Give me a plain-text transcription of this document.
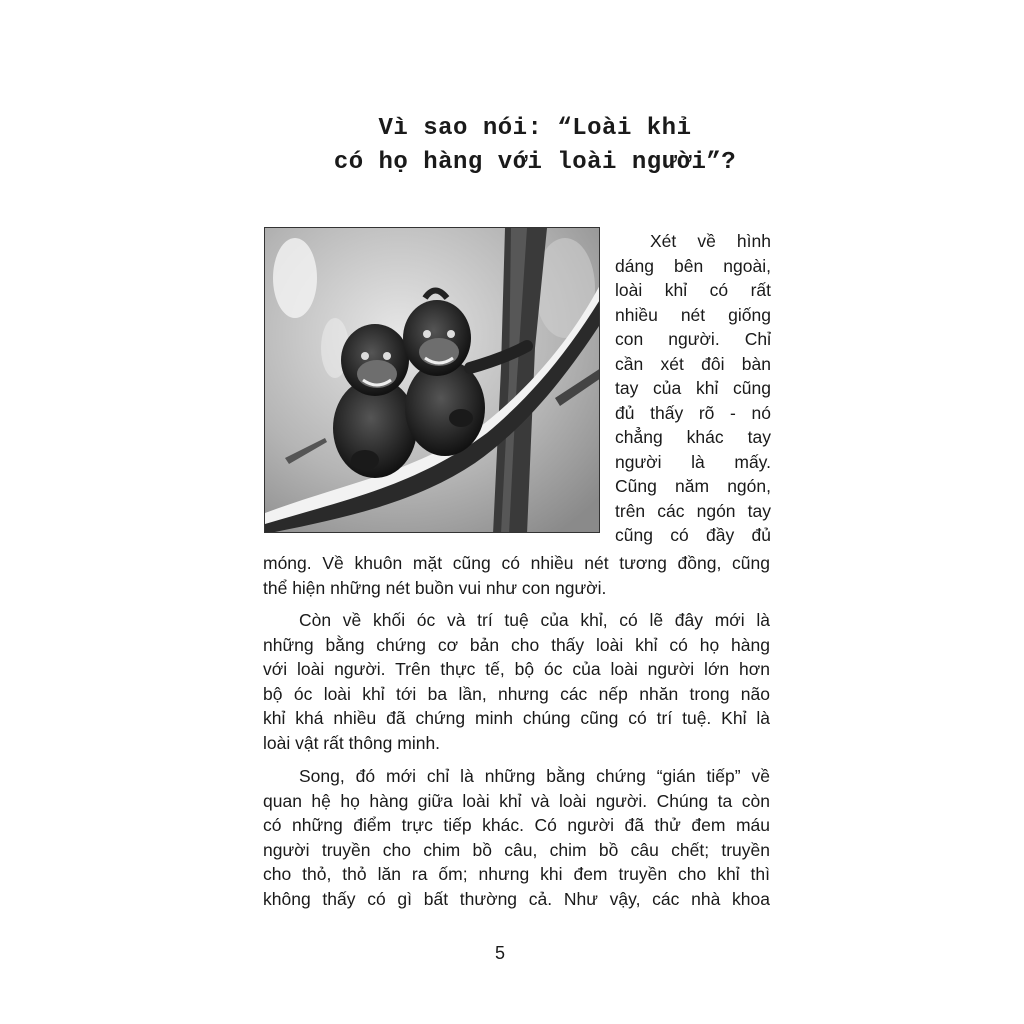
Vì sao nói: “Loài khỉ
có họ hàng với loài người”?
Xét về hình
dáng bên ngoài,
loài khỉ có rất
nhiều nét giống
con người. Chỉ
cần xét đôi bàn
tay của khỉ cũng
đủ thấy rõ - nó
chẳng khác tay
người là mấy.
Cũng năm ngón,
trên các ngón tay
cũng có đầy đủ
móng. Về khuôn mặt cũng có nhiều nét tương đồng, cũng
thể hiện những nét buồn vui như con người.
Còn về khối óc và trí tuệ của khỉ, có lẽ đây mới là
những bằng chứng cơ bản cho thấy loài khỉ có họ hàng
với loài người. Trên thực tế, bộ óc của loài người lớn hơn
bộ óc loài khỉ tới ba lần, nhưng các nếp nhăn trong não
khỉ khá nhiều đã chứng minh chúng cũng có trí tuệ. Khỉ là
loài vật rất thông minh.
Song, đó mới chỉ là những bằng chứng “gián tiếp” về
quan hệ họ hàng giữa loài khỉ và loài người. Chúng ta còn
có những điểm trực tiếp khác. Có người đã thử đem máu
người truyền cho chim bồ câu, chim bồ câu chết; truyền
cho thỏ, thỏ lăn ra ốm; nhưng khi đem truyền cho khỉ thì
không thấy có gì bất thường cả. Như vậy, các nhà khoa
5
